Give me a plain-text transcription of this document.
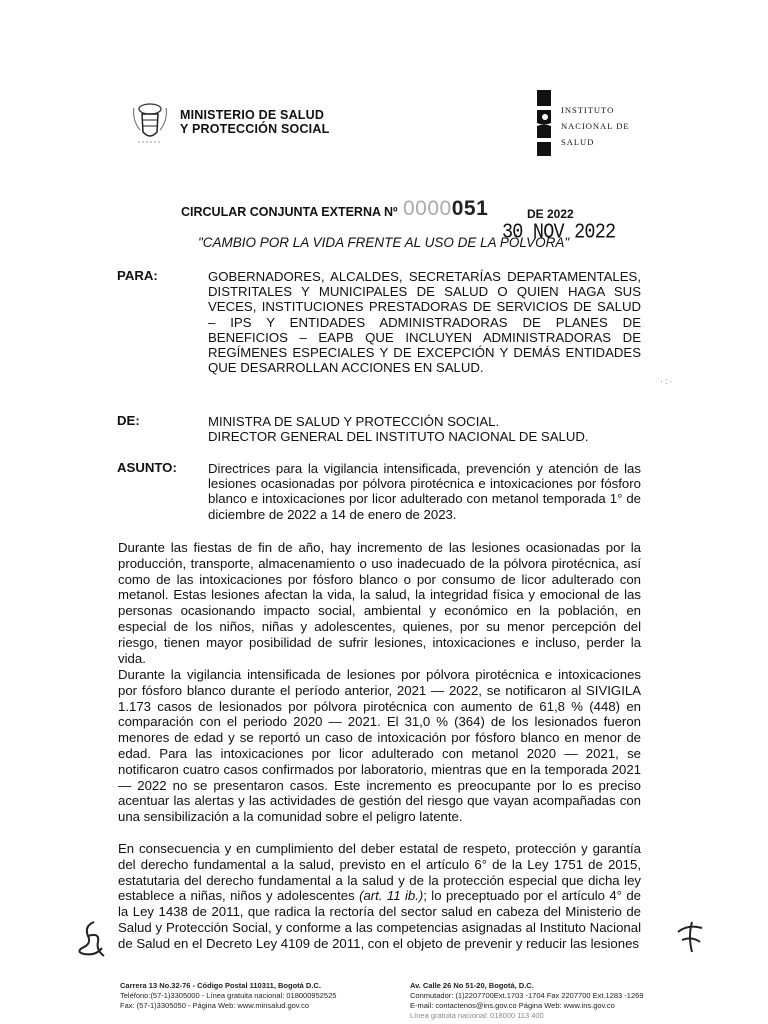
MINISTERIO DE SALUD
Y PROTECCIÓN SOCIAL
INSTITUTO
NACIONAL DE
SALUD
CIRCULAR CONJUNTA EXTERNA Nº 0000051	DE 2022
30 NOV 2022
"CAMBIO POR LA VIDA FRENTE AL USO DE LA PÓLVORA"
PARA:	GOBERNADORES, ALCALDES, SECRETARÍAS DEPARTAMENTALES, DISTRITALES Y MUNICIPALES DE SALUD O QUIEN HAGA SUS VECES, INSTITUCIONES PRESTADORAS DE SERVICIOS DE SALUD – IPS Y ENTIDADES ADMINISTRADORAS DE PLANES DE BENEFICIOS – EAPB QUE INCLUYEN ADMINISTRADORAS DE REGÍMENES ESPECIALES Y DE EXCEPCIÓN Y DEMÁS ENTIDADES QUE DESARROLLAN ACCIONES EN SALUD.
·:·
DE:	MINISTRA DE SALUD Y PROTECCIÓN SOCIAL.
DIRECTOR GENERAL DEL INSTITUTO NACIONAL DE SALUD.
ASUNTO: Directrices para la vigilancia intensificada, prevención y atención de las lesiones ocasionadas por pólvora pirotécnica e intoxicaciones por fósforo blanco e intoxicaciones por licor adulterado con metanol temporada 1° de diciembre de 2022 a 14 de enero de 2023.
Durante las fiestas de fin de año, hay incremento de las lesiones ocasionadas por la producción, transporte, almacenamiento o uso inadecuado de la pólvora pirotécnica, así como de las intoxicaciones por fósforo blanco o por consumo de licor adulterado con metanol. Estas lesiones afectan la vida, la salud, la integridad física y emocional de las personas ocasionando impacto social, ambiental y económico en la población, en especial de los niños, niñas y adolescentes, quienes, por su menor percepción del riesgo, tienen mayor posibilidad de sufrir lesiones, intoxicaciones e incluso, perder la vida.
Durante la vigilancia intensificada de lesiones por pólvora pirotécnica e intoxicaciones por fósforo blanco durante el período anterior, 2021 — 2022, se notificaron al SIVIGILA 1.173 casos de lesionados por pólvora pirotécnica con aumento de 61,8 % (448) en comparación con el periodo 2020 — 2021. El 31,0 % (364) de los lesionados fueron menores de edad y se reportó un caso de intoxicación por fósforo blanco en menor de edad. Para las intoxicaciones por licor adulterado con metanol 2020 — 2021, se notificaron cuatro casos confirmados por laboratorio, mientras que en la temporada 2021 — 2022 no se presentaron casos. Este incremento es preocupante por lo es preciso acentuar las alertas y las actividades de gestión del riesgo que vayan acompañadas con una sensibilización a la comunidad sobre el peligro latente.
En consecuencia y en cumplimiento del deber estatal de respeto, protección y garantía del derecho fundamental a la salud, previsto en el artículo 6° de la Ley 1751 de 2015, estatutaria del derecho fundamental a la salud y de la protección especial que dicha ley establece a niñas, niños y adolescentes (art. 11 ib.); lo preceptuado por el artículo 4° de la Ley 1438 de 2011, que radica la rectoría del sector salud en cabeza del Ministerio de Salud y Protección Social, y conforme a las competencias asignadas al Instituto Nacional de Salud en el Decreto Ley 4109 de 2011, con el objeto de prevenir y reducir las lesiones
Carrera 13 No.32-76 - Código Postal 110311, Bogotá D.C.
Teléfono:(57-1)3305000 - Línea gratuita nacional: 018000952525
Fax: (57-1)3305050 - Página Web: www.minsalud.gov.co
Av. Calle 26 No 51-20, Bogotá, D.C.
Conmutador: (1)2207700Ext.1703 -1704 Fax 2207700 Ext.1283 -1269
E-mail: contactenos@ins.gov.co Página Web: www.ins.gov.co
Línea gratuita nacional: 018000 113 400
